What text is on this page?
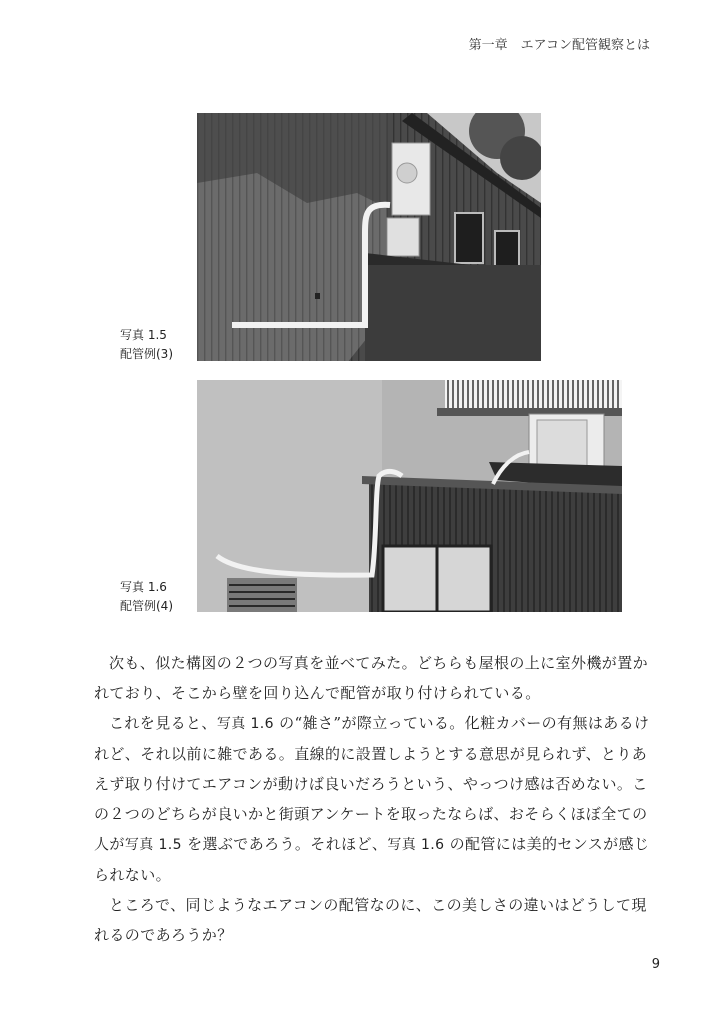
第一章　エアコン配管観察とは
写真 1.5
配管例(3)
写真 1.6
配管例(4)

次も、似た構図の２つの写真を並べてみた。どちらも屋根の上に室外機が置かれており、そこから壁を回り込んで配管が取り付けられている。

これを見ると、写真 1.6 の“雑さ”が際立っている。化粧カバーの有無はあるけれど、それ以前に雑である。直線的に設置しようとする意思が見られず、とりあえず取り付けてエアコンが動けば良いだろうという、やっつけ感は否めない。この２つのどちらが良いかと街頭アンケートを取ったならば、おそらくほぼ全ての人が写真 1.5 を選ぶであろう。それほど、写真 1.6 の配管には美的センスが感じられない。

ところで、同じようなエアコンの配管なのに、この美しさの違いはどうして現れるのであろうか？

9
